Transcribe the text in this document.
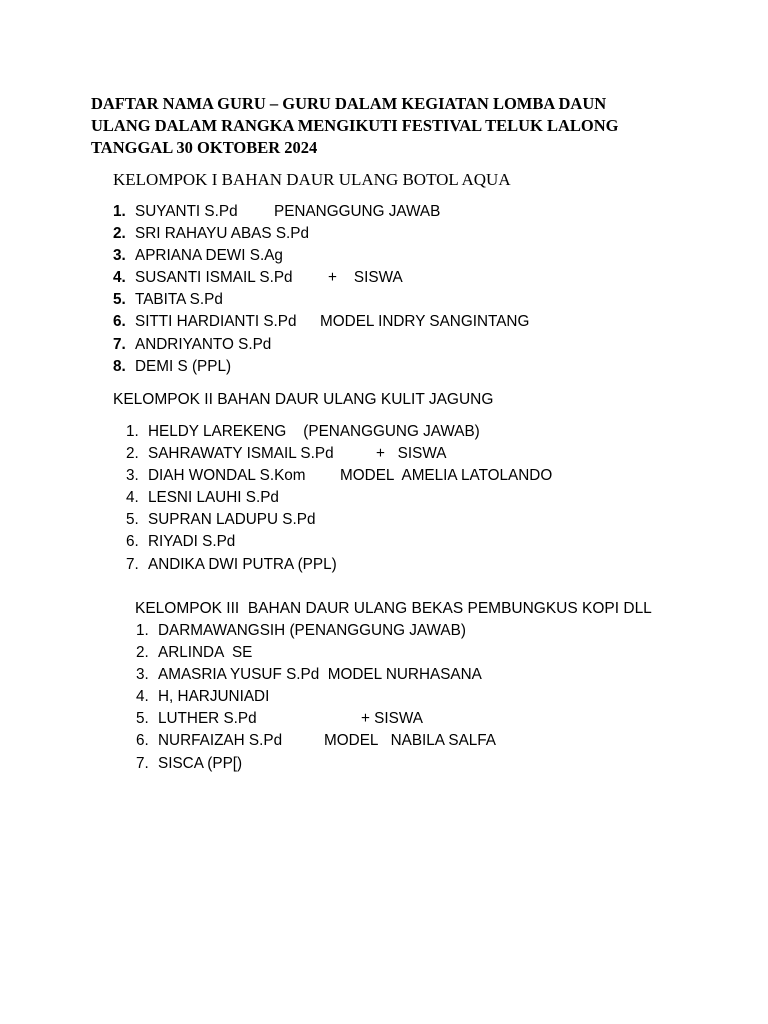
DAFTAR NAMA GURU – GURU DALAM KEGIATAN LOMBA DAUN
ULANG DALAM RANGKA MENGIKUTI FESTIVAL TELUK LALONG
TANGGAL 30 OKTOBER 2024

KELOMPOK I BAHAN DAUR ULANG BOTOL AQUA

1. SUYANTI S.Pd PENANGGUNG JAWAB
2. SRI RAHAYU ABAS S.Pd
3. APRIANA DEWI S.Ag
4. SUSANTI ISMAIL S.Pd +    SISWA
5. TABITA S.Pd
6. SITTI HARDIANTI S.Pd MODEL INDRY SANGINTANG
7. ANDRIYANTO S.Pd
8. DEMI S (PPL)

KELOMPOK II BAHAN DAUR ULANG KULIT JAGUNG

1. HELDY LAREKENG    (PENANGGUNG JAWAB)
2. SAHRAWATY ISMAIL S.Pd	+   SISWA
3. DIAH WONDAL S.Kom MODEL  AMELIA LATOLANDO
4. LESNI LAUHI S.Pd
5. SUPRAN LADUPU S.Pd
6. RIYADI S.Pd
7. ANDIKA DWI PUTRA (PPL)

KELOMPOK III  BAHAN DAUR ULANG BEKAS PEMBUNGKUS KOPI DLL

1. DARMAWANGSIH (PENANGGUNG JAWAB)
2. ARLINDA  SE
3. AMASRIA YUSUF S.Pd  MODEL NURHASANA
4. H, HARJUNIADI
5. LUTHER S.Pd	+ SISWA
6. NURFAIZAH S.Pd	MODEL   NABILA SALFA
7. SISCA (PP[)
